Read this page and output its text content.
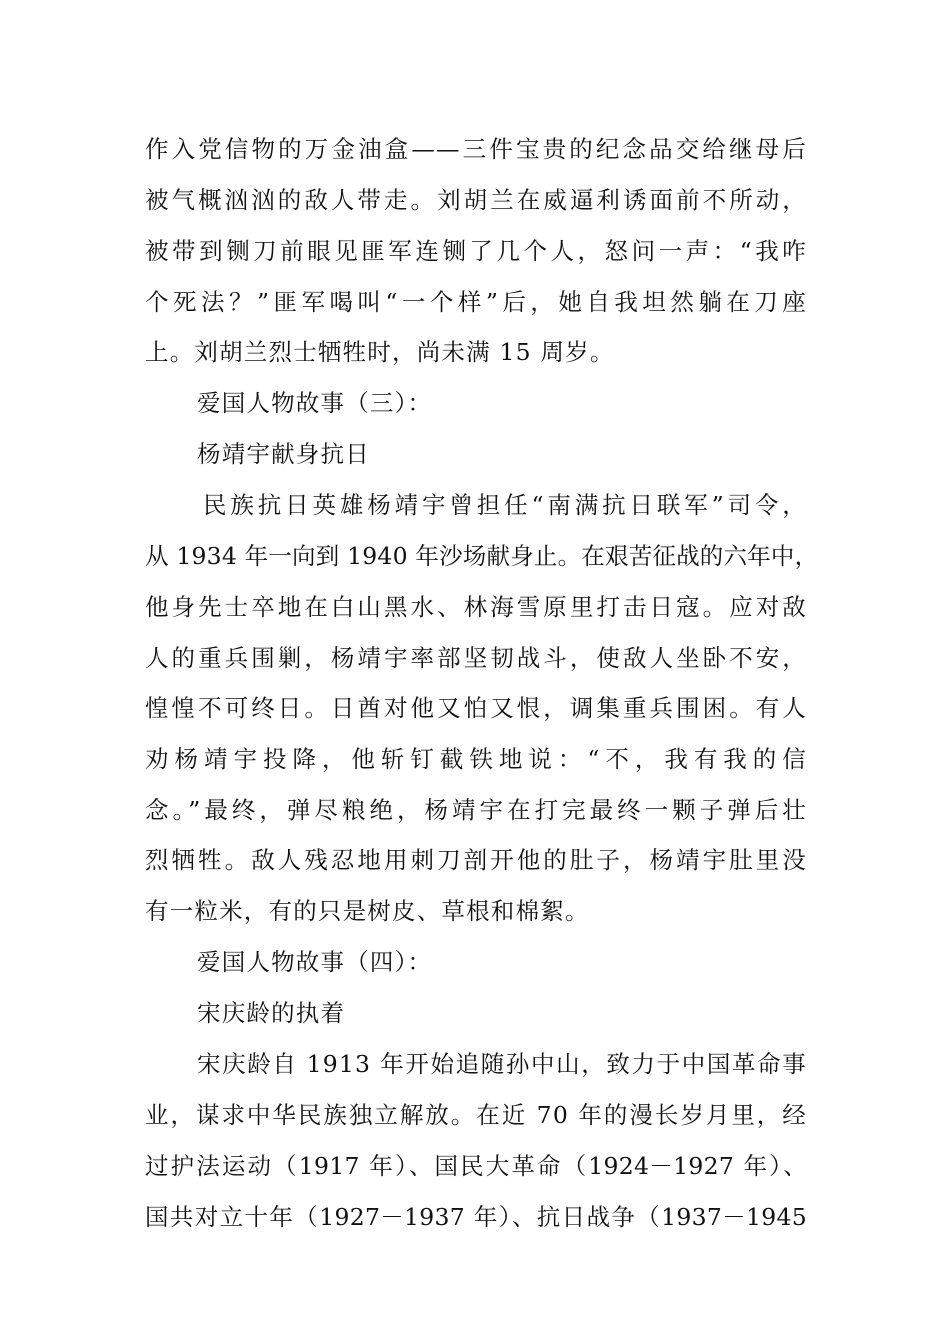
作入党信物的万金油盒——三件宝贵的纪念品交给继母后
被气概汹汹的敌人带走。刘胡兰在威逼利诱面前不所动，
被带到铡刀前眼见匪军连铡了几个人，怒问一声：“我咋
个死法？”匪军喝叫“一个样”后，她自我坦然躺在刀座
上。刘胡兰烈士牺牲时，尚未满 15 周岁。
爱国人物故事（三）：
杨靖宇献身抗日
民族抗日英雄杨靖宇曾担任“南满抗日联军”司令，
从 1934 年一向到 1940 年沙场献身止。在艰苦征战的六年中，
他身先士卒地在白山黑水、林海雪原里打击日寇。应对敌
人的重兵围剿，杨靖宇率部坚韧战斗，使敌人坐卧不安，
惶惶不可终日。日酋对他又怕又恨，调集重兵围困。有人
劝杨靖宇投降，他斩钉截铁地说：“不，我有我的信
念。”最终，弹尽粮绝，杨靖宇在打完最终一颗子弹后壮
烈牺牲。敌人残忍地用刺刀剖开他的肚子，杨靖宇肚里没
有一粒米，有的只是树皮、草根和棉絮。
爱国人物故事（四）：
宋庆龄的执着
宋庆龄自 1913 年开始追随孙中山，致力于中国革命事
业，谋求中华民族独立解放。在近 70 年的漫长岁月里，经
过护法运动（1917 年）、国民大革命（1924－1927 年）、
国共对立十年（1927－1937 年）、抗日战争（1937－1945
